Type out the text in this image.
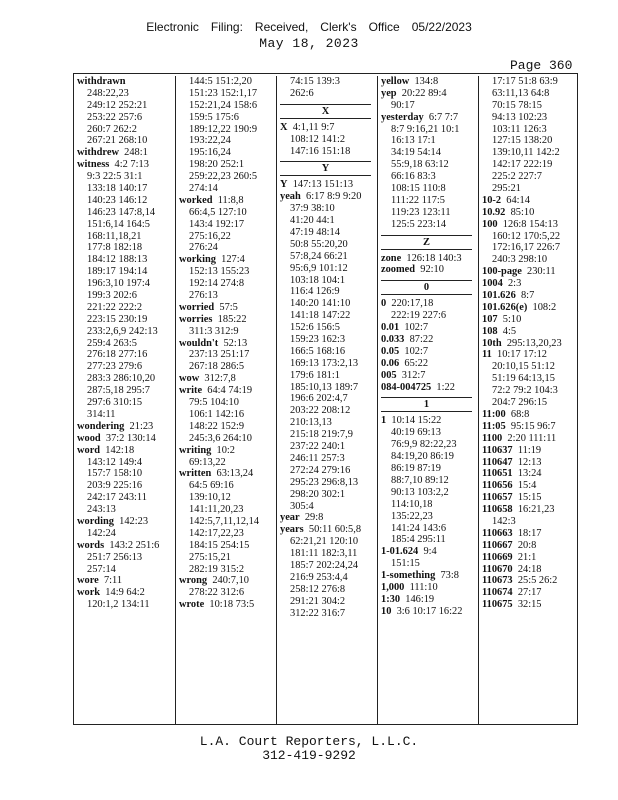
Electronic Filing: Received, Clerk's Office 05/22/2023
May 18, 2023
Page 360
withdrawn
248:22,23
249:12 252:21
253:22 257:6
260:7 262:2
267:21 268:10
withdrew 248:1
witness 4:2 7:13
9:3 22:5 31:1
133:18 140:17
140:23 146:12
146:23 147:8,14
151:6,14 164:5
168:11,18,21
177:8 182:18
184:12 188:13
189:17 194:14
196:3,10 197:4
199:3 202:6
221:22 222:2
223:15 230:19
233:2,6,9 242:13
259:4 263:5
276:18 277:16
277:23 279:6
283:3 286:10,20
287:5,18 295:7
297:6 310:15
314:11
wondering 21:23
wood 37:2 130:14
word 142:18
143:12 149:4
157:7 158:10
203:9 225:16
242:17 243:11
243:13
wording 142:23
142:24
words 143:2 251:6
251:7 256:13
257:14
wore 7:11
work 14:9 64:2
120:1,2 134:11
144:5 151:2,20
151:23 152:1,17
152:21,24 158:6
159:5 175:6
189:12,22 190:9
193:22,24
195:16,24
198:20 252:1
259:22,23 260:5
274:14
worked 11:8,8
66:4,5 127:10
143:4 192:17
275:16,22
276:24
working 127:4
152:13 155:23
192:14 274:8
276:13
worried 57:5
worries 185:22
311:3 312:9
wouldn't 52:13
237:13 251:17
267:18 286:5
wow 312:7,8
write 64:4 74:19
79:5 104:10
106:1 142:16
148:22 152:9
245:3,6 264:10
writing 10:2
69:13,22
written 63:13,24
64:5 69:16
139:10,12
141:11,20,23
142:5,7,11,12,14
142:17,22,23
184:15 254:15
275:15,21
282:19 315:2
wrong 240:7,10
278:22 312:6
wrote 10:18 73:5
74:15 139:3
262:6
X
X 4:1,11 9:7
108:12 141:2
147:16 151:18
Y
Y 147:13 151:13
yeah 6:17 8:9 9:20
37:9 38:10
41:20 44:1
47:19 48:14
50:8 55:20,20
57:8,24 66:21
95:6,9 101:12
103:18 104:1
116:4 126:9
140:20 141:10
141:18 147:22
152:6 156:5
159:23 162:3
166:5 168:16
169:13 173:2,13
179:6 181:1
185:10,13 189:7
196:6 202:4,7
203:22 208:12
210:13,13
215:18 219:7,9
237:22 240:1
246:11 257:3
272:24 279:16
295:23 296:8,13
298:20 302:1
305:4
year 29:8
years 50:11 60:5,8
62:21,21 120:10
181:11 182:3,11
185:7 202:24,24
216:9 253:4,4
258:12 276:8
291:21 304:2
312:22 316:7
yellow 134:8
yep 20:22 89:4
90:17
yesterday 6:7 7:7
8:7 9:16,21 10:1
16:13 17:1
34:19 54:14
55:9,18 63:12
66:16 83:3
108:15 110:8
111:22 117:5
119:23 123:11
125:5 223:14
Z
zone 126:18 140:3
zoomed 92:10
0
0 220:17,18
222:19 227:6
0.01 102:7
0.033 87:22
0.05 102:7
0.06 65:22
005 312:7
084-004725 1:22
1
1 10:14 15:22
40:19 69:13
76:9,9 82:22,23
84:19,20 86:19
86:19 87:19
88:7,10 89:12
90:13 103:2,2
114:10,18
135:22,23
141:24 143:6
185:4 295:11
1-01.624 9:4
151:15
1-something 73:8
1,000 111:10
1:30 146:19
10 3:6 10:17 16:22
17:17 51:8 63:9
63:11,13 64:8
70:15 78:15
94:13 102:23
103:11 126:3
127:15 138:20
139:10,11 142:2
142:17 222:19
225:2 227:7
295:21
10-2 64:14
10.92 85:10
100 126:8 154:13
160:12 170:5,22
172:16,17 226:7
240:3 298:10
100-page 230:11
1004 2:3
101.626 8:7
101.626(e) 108:2
107 5:10
108 4:5
10th 295:13,20,23
11 10:17 17:12
20:10,15 51:12
51:19 64:13,15
72:2 79:2 104:3
204:7 296:15
11:00 68:8
11:05 95:15 96:7
1100 2:20 111:11
110637 11:19
110647 12:13
110651 13:24
110656 15:4
110657 15:15
110658 16:21,23
142:3
110663 18:17
110667 20:8
110669 21:1
110670 24:18
110673 25:5 26:2
110674 27:17
110675 32:15
L.A. Court Reporters, L.L.C.
312-419-9292
